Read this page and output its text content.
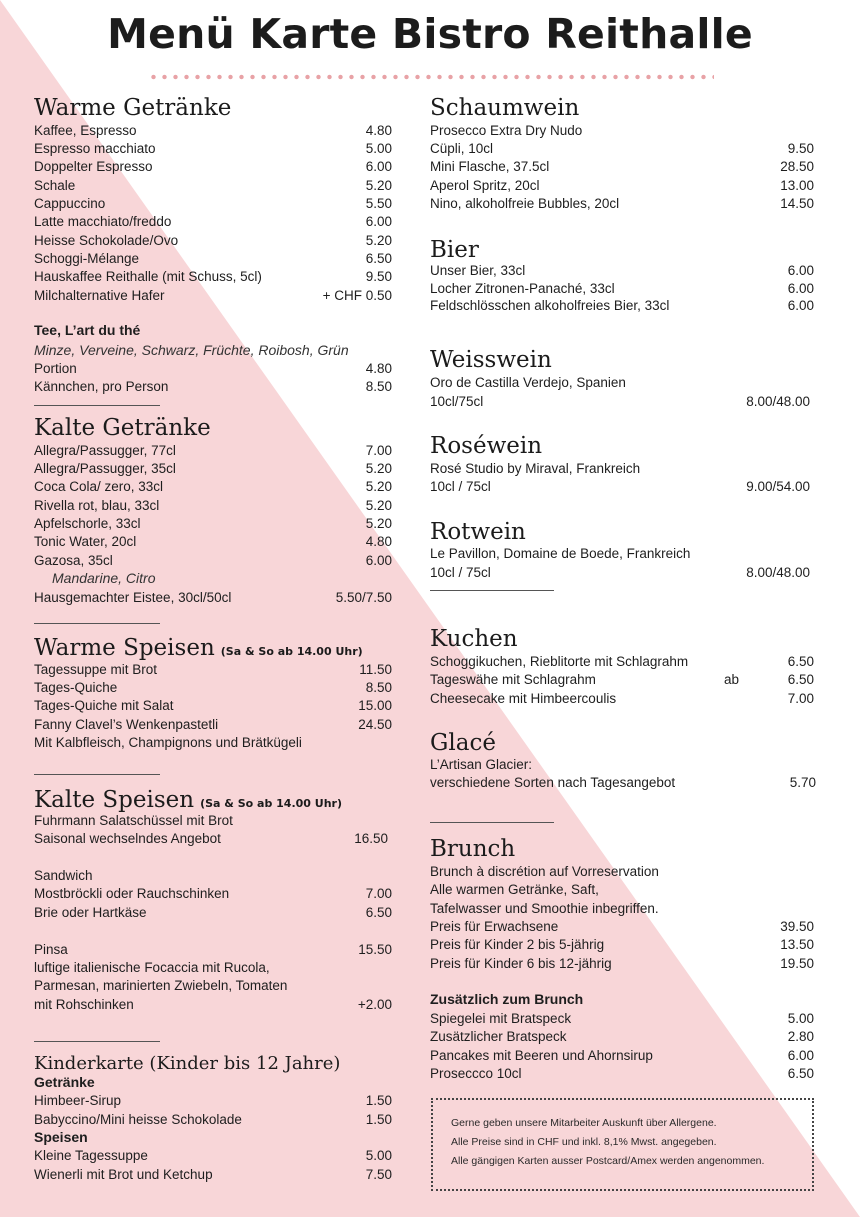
Menü Karte Bistro Reithalle
Warme Getränke
Kaffee, Espresso	4.80
Espresso macchiato	5.00
Doppelter Espresso	6.00
Schale	5.20
Cappuccino	5.50
Latte macchiato/freddo	6.00
Heisse Schokolade/Ovo	5.20
Schoggi-Mélange	6.50
Hauskaffee Reithalle (mit Schuss, 5cl)	9.50
Milchalternative Hafer	+ CHF 0.50
Tee, L’art du thé
Minze, Verveine, Schwarz, Früchte, Roibosh, Grün
Portion	4.80
Kännchen, pro Person	8.50
Kalte Getränke
Allegra/Passugger, 77cl	7.00
Allegra/Passugger, 35cl	5.20
Coca Cola/ zero, 33cl	5.20
Rivella rot, blau, 33cl	5.20
Apfelschorle, 33cl	5.20
Tonic Water, 20cl	4.80
Gazosa, 35cl	6.00
Mandarine, Citro
Hausgemachter Eistee, 30cl/50cl	5.50/7.50
Warme Speisen (Sa & So ab 14.00 Uhr)
Tagessuppe mit Brot	11.50
Tages-Quiche	8.50
Tages-Quiche mit Salat	15.00
Fanny Clavel’s Wenkenpastetli	24.50
Mit Kalbfleisch, Champignons und Brätkügeli
Kalte Speisen (Sa & So ab 14.00 Uhr)
Fuhrmann Salatschüssel mit Brot
Saisonal wechselndes Angebot	16.50
Sandwich
Mostbröckli oder Rauchschinken	7.00
Brie oder Hartkäse	6.50
Pinsa	15.50
luftige italienische Focaccia mit Rucola,
Parmesan, marinierten Zwiebeln, Tomaten
mit Rohschinken	+2.00
Kinderkarte (Kinder bis 12 Jahre)
Getränke
Himbeer-Sirup	1.50
Babyccino/Mini heisse Schokolade	1.50
Speisen
Kleine Tagessuppe	5.00
Wienerli mit Brot und Ketchup	7.50
Schaumwein
Prosecco Extra Dry Nudo
Cüpli, 10cl	9.50
Mini Flasche, 37.5cl	28.50
Aperol Spritz, 20cl	13.00
Nino, alkoholfreie Bubbles, 20cl	14.50
Bier
Unser Bier, 33cl	6.00
Locher Zitronen-Panaché, 33cl	6.00
Feldschlösschen alkoholfreies Bier, 33cl	6.00
Weisswein
Oro de Castilla Verdejo, Spanien
10cl/75cl	8.00/48.00
Roséwein
Rosé Studio by Miraval, Frankreich
10cl / 75cl	9.00/54.00
Rotwein
Le Pavillon, Domaine de Boede, Frankreich
10cl / 75cl	8.00/48.00
Kuchen
Schoggikuchen, Rieblitorte mit Schlagrahm	6.50
Tageswähe mit Schlagrahm	ab	6.50
Cheesecake mit Himbeercoulis	7.00
Glacé
L’Artisan Glacier:
verschiedene Sorten nach Tagesangebot	5.70
Brunch
Brunch à discrétion auf Vorreservation
Alle warmen Getränke, Saft,
Tafelwasser und Smoothie inbegriffen.
Preis für Erwachsene	39.50
Preis für Kinder 2 bis 5-jährig	13.50
Preis für Kinder 6 bis 12-jährig	19.50
Zusätzlich zum Brunch
Spiegelei mit Bratspeck	5.00
Zusätzlicher Bratspeck	2.80
Pancakes mit Beeren und Ahornsirup	6.00
Proseccco 10cl	6.50
Gerne geben unsere Mitarbeiter Auskunft über Allergene.
Alle Preise sind in CHF und inkl. 8,1% Mwst. angegeben.
Alle gängigen Karten ausser Postcard/Amex werden angenommen.
